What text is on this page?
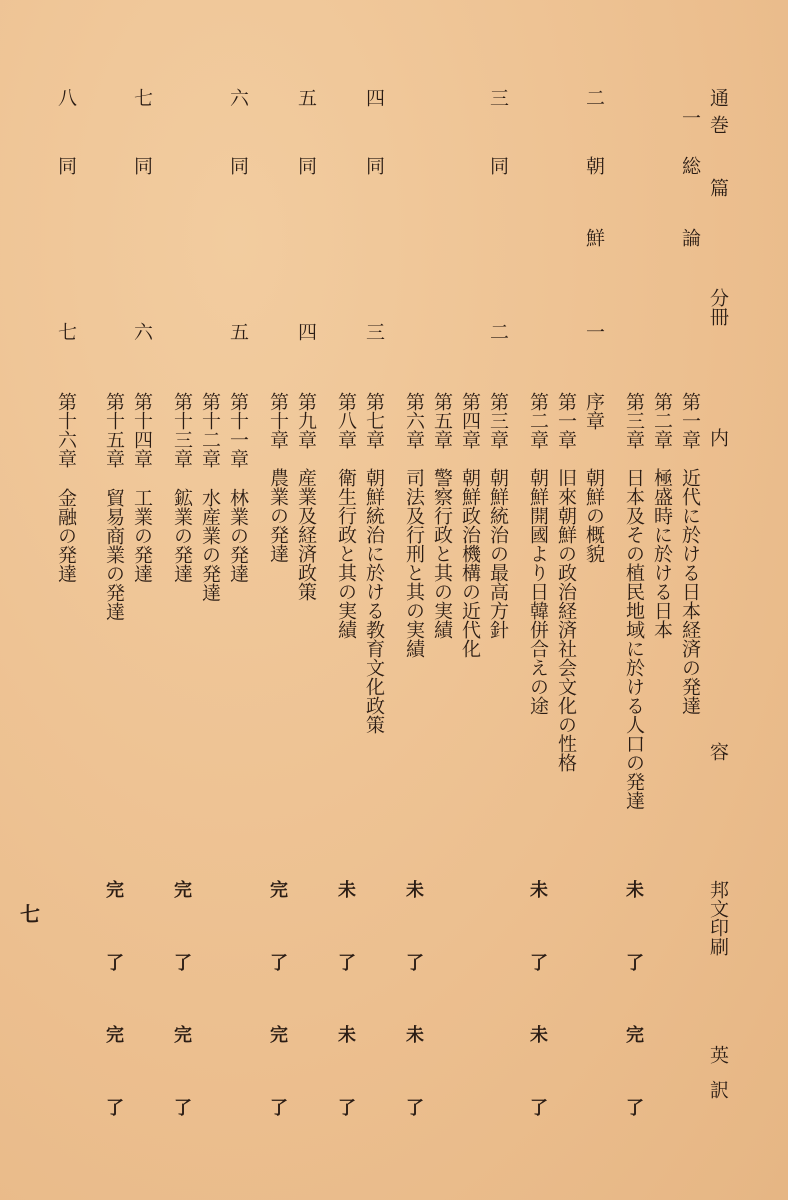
通巻
篇
分冊
内
容
邦文印刷
英
訳
一
総
論
第一章
近代に於ける日本経済の発達
第二章
極盛時に於ける日本
第三章
日本及その植民地域に於ける人口の発達
未了
完了
二
朝
鮮
一
序章
朝鮮の概貌
第一章
旧來朝鮮の政治経済社会文化の性格
第二章
朝鮮開國より日韓併合えの途
未了
未了
三
同
二
第三章
朝鮮統治の最高方針
第四章
朝鮮政治機構の近代化
第五章
警察行政と其の実績
第六章
司法及行刑と其の実績
未了
未了
四
同
三
第七章
朝鮮統治に於ける教育文化政策
第八章
衛生行政と其の実績
未了
未了
五
同
四
第九章
産業及経済政策
第十章
農業の発達
完了
完了
六
同
五
第十一章
林業の発達
第十二章
水産業の発達
第十三章
鉱業の発達
完了
完了
七
同
六
第十四章
工業の発達
第十五章
貿易商業の発達
完了
完了
八
同
七
第十六章
金融の発達
七
